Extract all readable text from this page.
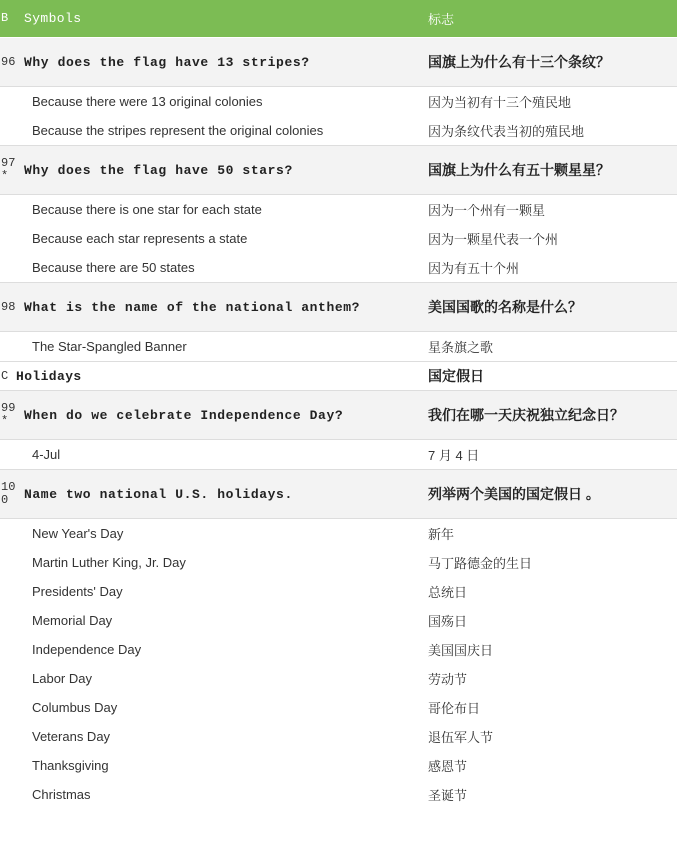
B	Symbols	标志
96	Why does the flag have 13 stripes?	国旗上为什么有十三个条纹？
	Because there were 13 original colonies	因为当初有十三个殖民地
	Because the stripes represent the original colonies	因为条纹代表当初的殖民地
97*	Why does the flag have 50 stars?	国旗上为什么有五十颗星星？
	Because there is one star for each state	因为一个州有一颗星
	Because each star represents a state	因为一颗星代表一个州
	Because there are 50 states	因为有五十个州
98	What is the name of the national anthem?	美国国歌的名称是什么？
	The Star-Spangled Banner	星条旗之歌
C	Holidays	国定假日
99*	When do we celebrate Independence Day?	我们在哪一天庆祝独立纪念日？
	4-Jul	7 月 4 日
100	Name two national U.S. holidays.	列举两个美国的国定假日 。
	New Year's Day	新年
	Martin Luther King, Jr. Day	马丁路德金的生日
	Presidents' Day	总统日
	Memorial Day	国殇日
	Independence Day	美国国庆日
	Labor Day	劳动节
	Columbus Day	哥伦布日
	Veterans Day	退伍军人节
	Thanksgiving	感恩节
	Christmas	圣诞节
